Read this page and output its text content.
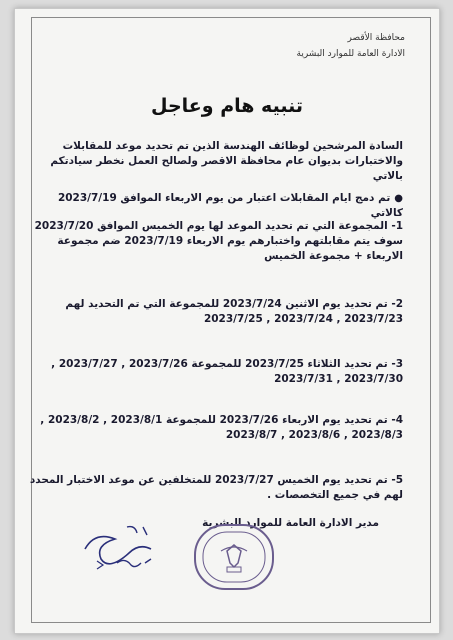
محافظة الأقصر
الادارة العامة للموارد البشرية
تنبيه هام وعاجل
السادة المرشحين لوظائف الهندسة الذين تم تحديد موعد للمقابلات والاختبارات بديوان عام محافظة الاقصر ولصالح العمل نخطر سيادتكم بالاتي
●تم دمج ايام المقابلات اعتبار من يوم الاربعاء الموافق 2023/7/19 كالاتي
1- المجموعة التي تم تحديد الموعد لها يوم الخميس الموافق 2023/7/20 سوف يتم مقابلتهم واختبارهم يوم الاربعاء 2023/7/19 ضم مجموعة الاربعاء + مجموعة الخميس
2- تم تحديد يوم الاثنين 2023/7/24 للمجموعة التي تم التحديد لهم 2023/7/23 , 2023/7/24 , 2023/7/25
3- تم تحديد الثلاثاء 2023/7/25 للمجموعة 2023/7/26 , 2023/7/27 , 2023/7/30 , 2023/7/31
4- تم تحديد يوم الاربعاء 2023/7/26 للمجموعة 2023/8/1 , 2023/8/2 , 2023/8/3 , 2023/8/6 , 2023/8/7
5- تم تحديد يوم الخميس 2023/7/27 للمتخلفين عن موعد الاختبار المحدد لهم في جميع التخصصات .
مدير الادارة العامة للموارد البشرية
